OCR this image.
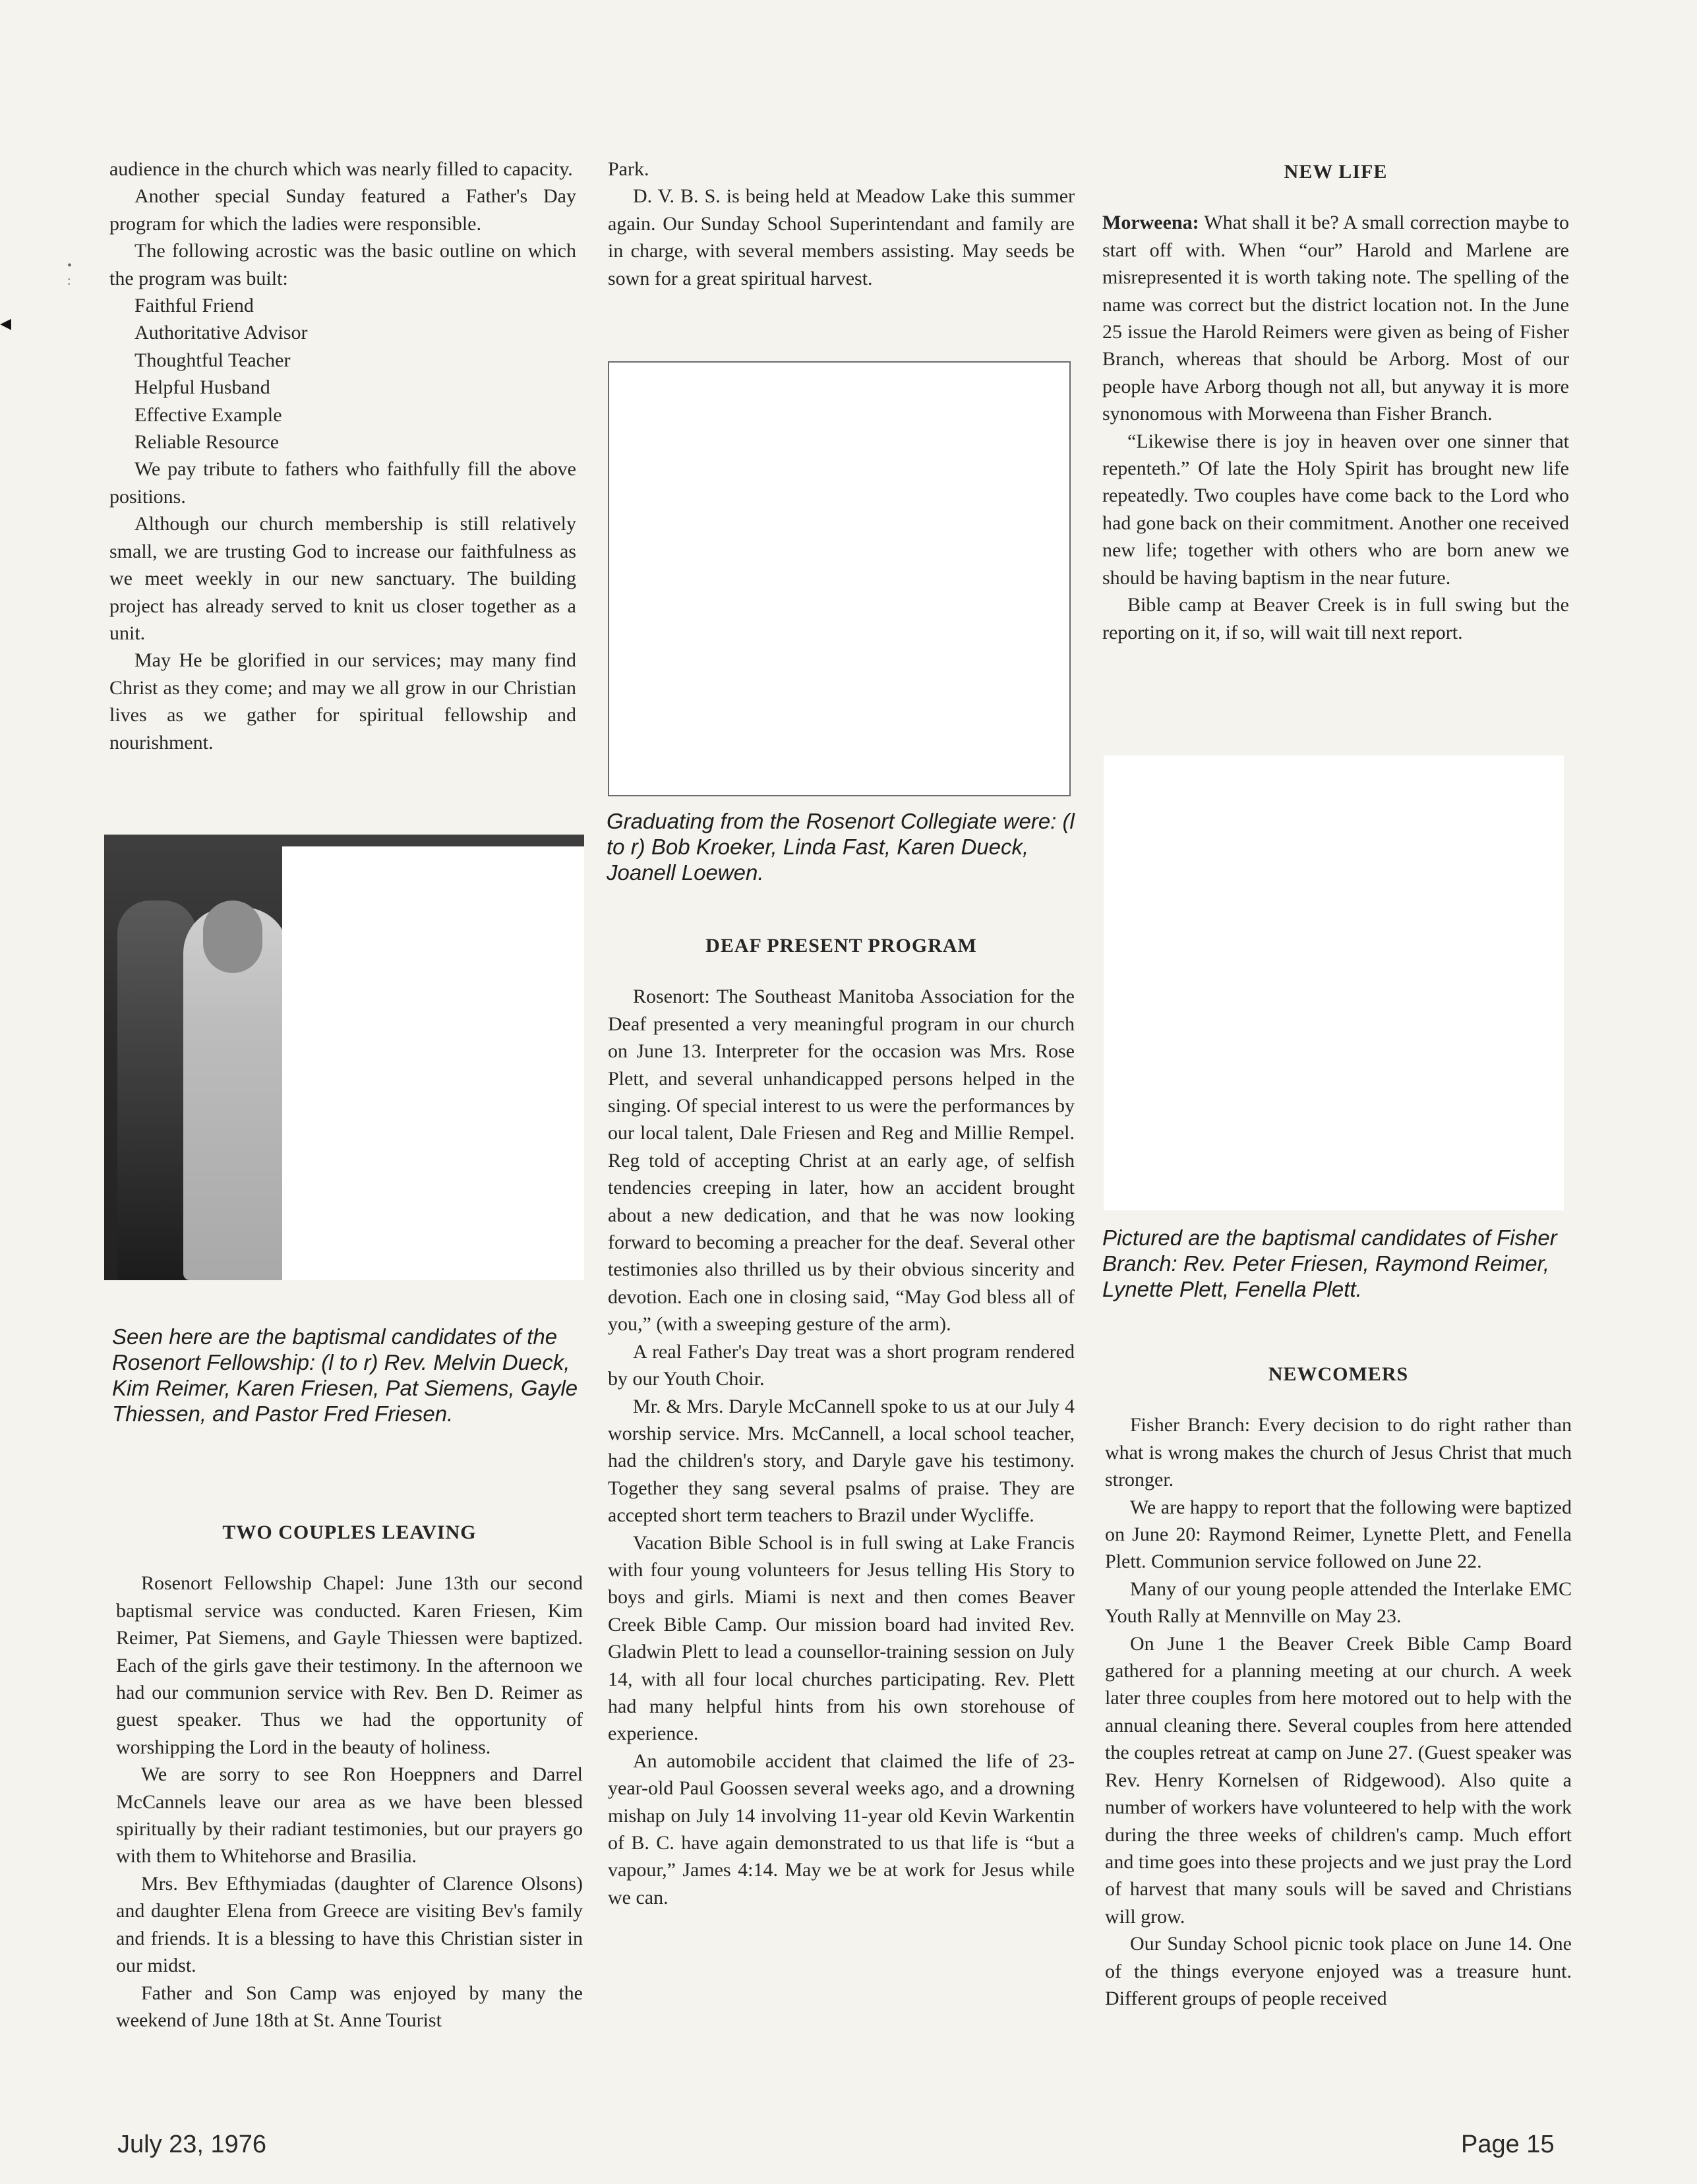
•
:
◂

audience in the church which was nearly filled to capacity.

Another special Sunday featured a Father's Day program for which the ladies were responsible.

The following acrostic was the basic outline on which the program was built:

Faithful Friend
Authoritative Advisor
Thoughtful Teacher
Helpful Husband
Effective Example
Reliable Resource

We pay tribute to fathers who faithfully fill the above positions.

Although our church membership is still relatively small, we are trusting God to increase our faithfulness as we meet weekly in our new sanctuary. The building project has already served to knit us closer together as a unit.

May He be glorified in our services; may many find Christ as they come; and may we all grow in our Christian lives as we gather for spiritual fellowship and nourishment.

Seen here are the baptismal candidates of the Rosenort Fellowship: (l to r) Rev. Melvin Dueck, Kim Reimer, Karen Friesen, Pat Siemens, Gayle Thiessen, and Pastor Fred Friesen.
TWO COUPLES LEAVING

Rosenort Fellowship Chapel: June 13th our second baptismal service was conducted. Karen Friesen, Kim Reimer, Pat Siemens, and Gayle Thiessen were baptized. Each of the girls gave their testimony. In the afternoon we had our communion service with Rev. Ben D. Reimer as guest speaker. Thus we had the opportunity of worshipping the Lord in the beauty of holiness.

We are sorry to see Ron Hoeppners and Darrel McCannels leave our area as we have been blessed spiritually by their radiant testimonies, but our prayers go with them to Whitehorse and Brasilia.

Mrs. Bev Efthymiadas (daughter of Clarence Olsons) and daughter Elena from Greece are visiting Bev's family and friends. It is a blessing to have this Christian sister in our midst.

Father and Son Camp was enjoyed by many the weekend of June 18th at St. Anne Tourist

Park.

D. V. B. S. is being held at Meadow Lake this summer again. Our Sunday School Superintendant and family are in charge, with several members assisting. May seeds be sown for a great spiritual harvest.

Graduating from the Rosenort Collegiate were: (l to r) Bob Kroeker, Linda Fast, Karen Dueck, Joanell Loewen.
DEAF PRESENT PROGRAM

Rosenort: The Southeast Manitoba Association for the Deaf presented a very meaningful program in our church on June 13. Interpreter for the occasion was Mrs. Rose Plett, and several unhandicapped persons helped in the singing. Of special interest to us were the performances by our local talent, Dale Friesen and Reg and Millie Rempel. Reg told of accepting Christ at an early age, of selfish tendencies creeping in later, how an accident brought about a new dedication, and that he was now looking forward to becoming a preacher for the deaf. Several other testimonies also thrilled us by their obvious sincerity and devotion. Each one in closing said, “May God bless all of you,” (with a sweeping gesture of the arm).

A real Father's Day treat was a short program rendered by our Youth Choir.

Mr. & Mrs. Daryle McCannell spoke to us at our July 4 worship service. Mrs. McCannell, a local school teacher, had the children's story, and Daryle gave his testimony. Together they sang several psalms of praise. They are accepted short term teachers to Brazil under Wycliffe.

Vacation Bible School is in full swing at Lake Francis with four young volunteers for Jesus telling His Story to boys and girls. Miami is next and then comes Beaver Creek Bible Camp. Our mission board had invited Rev. Gladwin Plett to lead a counsellor-training session on July 14, with all four local churches participating. Rev. Plett had many helpful hints from his own storehouse of experience.

An automobile accident that claimed the life of 23-year-old Paul Goossen several weeks ago, and a drowning mishap on July 14 involving 11-year old Kevin Warkentin of B. C. have again demonstrated to us that life is “but a vapour,” James 4:14. May we be at work for Jesus while we can.

NEW LIFE

Morweena: What shall it be? A small correction maybe to start off with. When “our” Harold and Marlene are misrepresented it is worth taking note. The spelling of the name was correct but the district location not. In the June 25 issue the Harold Reimers were given as being of Fisher Branch, whereas that should be Arborg. Most of our people have Arborg though not all, but anyway it is more synonomous with Morweena than Fisher Branch.

“Likewise there is joy in heaven over one sinner that repenteth.” Of late the Holy Spirit has brought new life repeatedly. Two couples have come back to the Lord who had gone back on their commitment. Another one received new life; together with others who are born anew we should be having baptism in the near future.

Bible camp at Beaver Creek is in full swing but the reporting on it, if so, will wait till next report.

Pictured are the baptismal candidates of Fisher Branch: Rev. Peter Friesen, Raymond Reimer, Lynette Plett, Fenella Plett.
NEWCOMERS

Fisher Branch: Every decision to do right rather than what is wrong makes the church of Jesus Christ that much stronger.

We are happy to report that the following were baptized on June 20: Raymond Reimer, Lynette Plett, and Fenella Plett. Communion service followed on June 22.

Many of our young people attended the Interlake EMC Youth Rally at Mennville on May 23.

On June 1 the Beaver Creek Bible Camp Board gathered for a planning meeting at our church. A week later three couples from here motored out to help with the annual cleaning there. Several couples from here attended the couples retreat at camp on June 27. (Guest speaker was Rev. Henry Kornelsen of Ridgewood). Also quite a number of workers have volunteered to help with the work during the three weeks of children's camp. Much effort and time goes into these projects and we just pray the Lord of harvest that many souls will be saved and Christians will grow.

Our Sunday School picnic took place on June 14. One of the things everyone enjoyed was a treasure hunt. Different groups of people received

July 23, 1976	Page 15
